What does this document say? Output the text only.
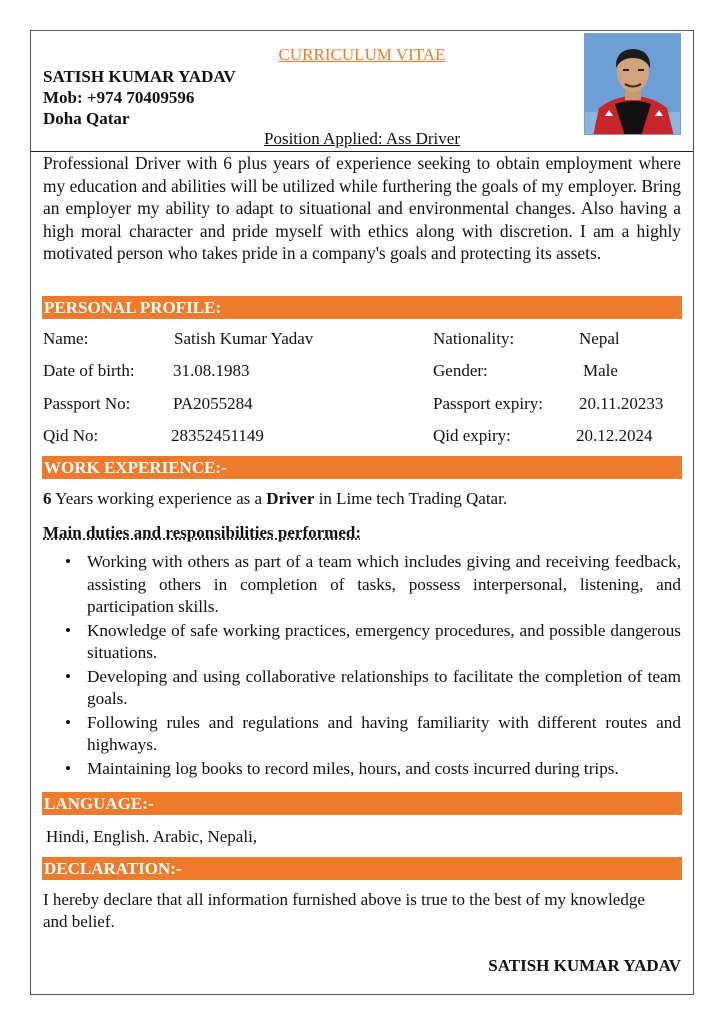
CURRICULUM VITAE
SATISH KUMAR YADAV
Mob: +974 70409596
Doha Qatar
Position Applied: Ass Driver
Professional Driver with 6 plus years of experience seeking to obtain employment where my education and abilities will be utilized while furthering the goals of my employer. Bring an employer my ability to adapt to situational and environmental changes. Also having a high moral character and pride myself with ethics along with discretion. I am a highly motivated person who takes pride in a company's goals and protecting its assets.
PERSONAL PROFILE:
Name:	Satish Kumar Yadav	Nationality:	Nepal
Date of birth: 31.08.1983	Gender:	Male
Passport No:	PA2055284	Passport expiry: 20.11.20233
Qid No:	28352451149	Qid expiry:	20.12.2024
WORK EXPERIENCE:-
6 Years working experience as a Driver in Lime tech Trading Qatar.
Main duties and responsibilities performed:
• Working with others as part of a team which includes giving and receiving feedback, assisting others in completion of tasks, possess interpersonal, listening, and participation skills.
• Knowledge of safe working practices, emergency procedures, and possible dangerous situations.
• Developing and using collaborative relationships to facilitate the completion of team goals.
• Following rules and regulations and having familiarity with different routes and highways.
• Maintaining log books to record miles, hours, and costs incurred during trips.
LANGUAGE:-
Hindi, English. Arabic, Nepali,
DECLARATION:-
I hereby declare that all information furnished above is true to the best of my knowledge and belief.
SATISH KUMAR YADAV
